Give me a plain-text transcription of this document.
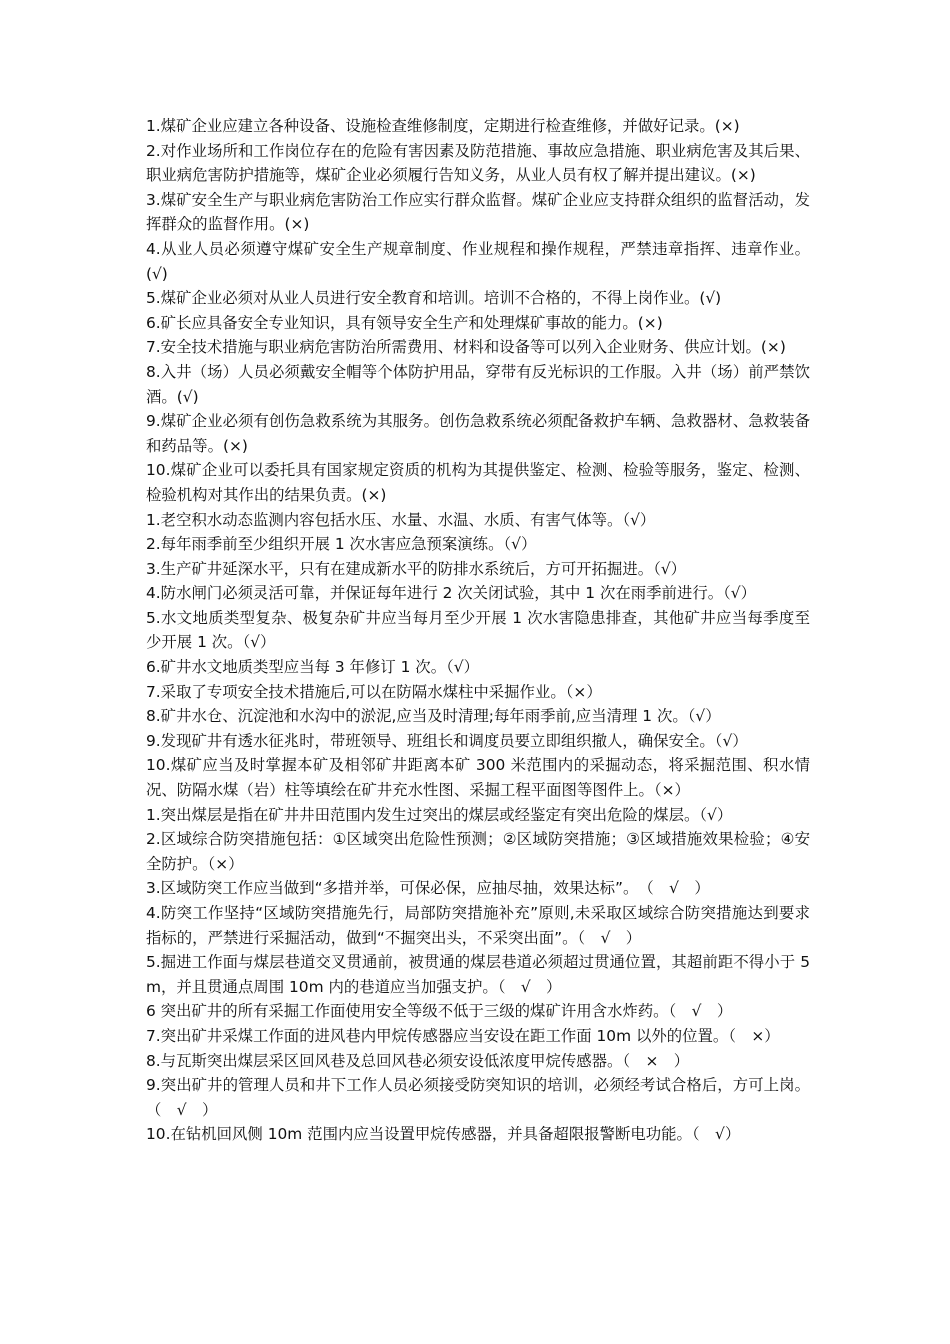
1.煤矿企业应建立各种设备、设施检查维修制度，定期进行检查维修，并做好记录。(×)

2.对作业场所和工作岗位存在的危险有害因素及防范措施、事故应急措施、职业病危害及其后果、职业病危害防护措施等，煤矿企业必须履行告知义务，从业人员有权了解并提出建议。(×)

3.煤矿安全生产与职业病危害防治工作应实行群众监督。煤矿企业应支持群众组织的监督活动，发挥群众的监督作用。(×)

4.从业人员必须遵守煤矿安全生产规章制度、作业规程和操作规程，严禁违章指挥、违章作业。(√)

5.煤矿企业必须对从业人员进行安全教育和培训。培训不合格的，不得上岗作业。(√)

6.矿长应具备安全专业知识，具有领导安全生产和处理煤矿事故的能力。(×)

7.安全技术措施与职业病危害防治所需费用、材料和设备等可以列入企业财务、供应计划。(×)

8.入井（场）人员必须戴安全帽等个体防护用品，穿带有反光标识的工作服。入井（场）前严禁饮酒。(√)

9.煤矿企业必须有创伤急救系统为其服务。创伤急救系统必须配备救护车辆、急救器材、急救装备和药品等。(×)

10.煤矿企业可以委托具有国家规定资质的机构为其提供鉴定、检测、检验等服务，鉴定、检测、检验机构对其作出的结果负责。(×)

1.老空积水动态监测内容包括水压、水量、水温、水质、有害气体等。（√）

2.每年雨季前至少组织开展 1 次水害应急预案演练。（√）

3.生产矿井延深水平，只有在建成新水平的防排水系统后，方可开拓掘进。（√）

4.防水闸门必须灵活可靠，并保证每年进行 2 次关闭试验，其中 1 次在雨季前进行。（√）

5.水文地质类型复杂、极复杂矿井应当每月至少开展 1 次水害隐患排查，其他矿井应当每季度至少开展 1 次。（√）

6.矿井水文地质类型应当每 3 年修订 1 次。（√）

7.采取了专项安全技术措施后,可以在防隔水煤柱中采掘作业。（×）

8.矿井水仓、沉淀池和水沟中的淤泥,应当及时清理;每年雨季前,应当清理 1 次。（√）

9.发现矿井有透水征兆时，带班领导、班组长和调度员要立即组织撤人，确保安全。（√）

10.煤矿应当及时掌握本矿及相邻矿井距离本矿 300 米范围内的采掘动态，将采掘范围、积水情况、防隔水煤（岩）柱等填绘在矿井充水性图、采掘工程平面图等图件上。（×）

1.突出煤层是指在矿井井田范围内发生过突出的煤层或经鉴定有突出危险的煤层。（√）

2.区域综合防突措施包括：①区域突出危险性预测；②区域防突措施；③区域措施效果检验；④安全防护。（×）

3.区域防突工作应当做到“多措并举，可保必保，应抽尽抽，效果达标”。　（　√　）

4.防突工作坚持“区域防突措施先行，局部防突措施补充”原则,未采取区域综合防突措施达到要求指标的，严禁进行采掘活动，做到“不掘突出头，不采突出面”。（　√　）

5.掘进工作面与煤层巷道交叉贯通前，被贯通的煤层巷道必须超过贯通位置，其超前距不得小于 5m，并且贯通点周围 10m 内的巷道应当加强支护。（　√　）

6 突出矿井的所有采掘工作面使用安全等级不低于三级的煤矿许用含水炸药。（　√　）

7.突出矿井采煤工作面的进风巷内甲烷传感器应当安设在距工作面 10m 以外的位置。（　×）

8.与瓦斯突出煤层采区回风巷及总回风巷必须安设低浓度甲烷传感器。（　×　）

9.突出矿井的管理人员和井下工作人员必须接受防突知识的培训，必须经考试合格后，方可上岗。（　√　）

10.在钻机回风侧 10m 范围内应当设置甲烷传感器，并具备超限报警断电功能。（　√）
